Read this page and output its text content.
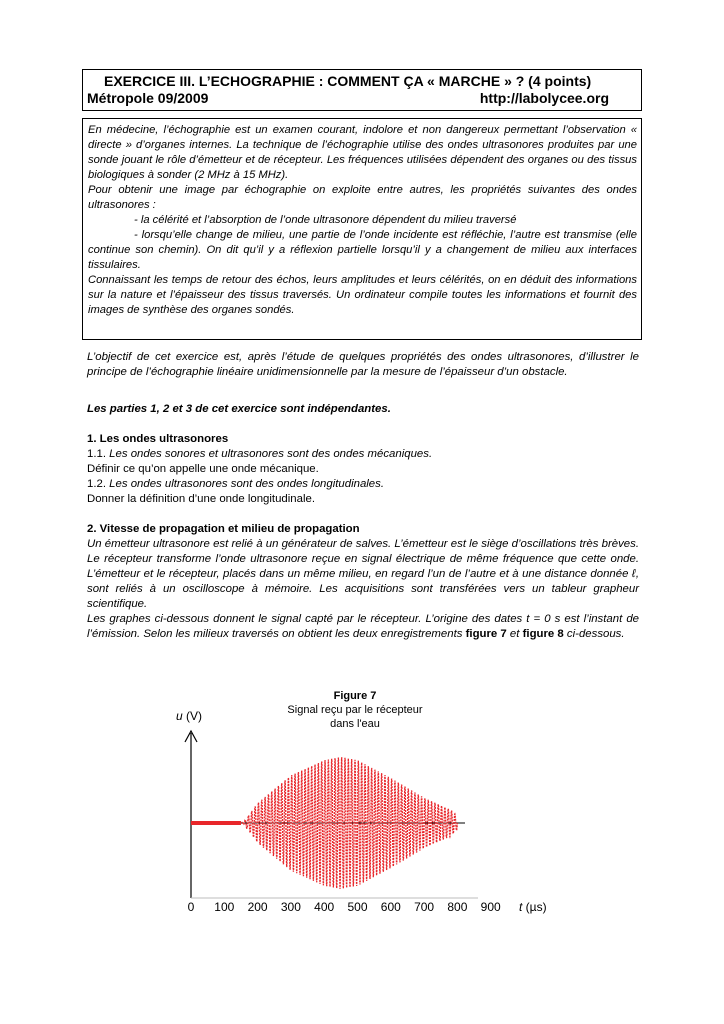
EXERCICE III. L’ECHOGRAPHIE : COMMENT ÇA « MARCHE » ? (4 points)
Métropole 09/2009	http://labolycee.org

En médecine, l’échographie est un examen courant, indolore et non dangereux permettant l’observation « directe » d’organes internes. La technique de l’échographie utilise des ondes ultrasonores produites par une sonde jouant le rôle d’émetteur et de récepteur. Les fréquences utilisées dépendent des organes ou des tissus biologiques à sonder (2 MHz à 15 MHz).

Pour obtenir une image par échographie on exploite entre autres, les propriétés suivantes des ondes ultrasonores :

- la célérité et l’absorption de l’onde ultrasonore dépendent du milieu traversé

- lorsqu’elle change de milieu, une partie de l’onde incidente est réfléchie, l’autre est transmise (elle continue son chemin). On dit qu’il y a réflexion partielle lorsqu’il y a changement de milieu aux interfaces tissulaires.

Connaissant les temps de retour des échos, leurs amplitudes et leurs célérités, on en déduit des informations sur la nature et l’épaisseur des tissus traversés. Un ordinateur compile toutes les informations et fournit des images de synthèse des organes sondés.

L’objectif de cet exercice est, après l’étude de quelques propriétés des ondes ultrasonores, d’illustrer le principe de l’échographie linéaire unidimensionnelle par la mesure de l’épaisseur d’un obstacle.

Les parties 1, 2 et 3 de cet exercice sont indépendantes.

1. Les ondes ultrasonores

1.1. Les ondes sonores et ultrasonores sont des ondes mécaniques.

Définir ce qu’on appelle une onde mécanique.

1.2. Les ondes ultrasonores sont des ondes longitudinales.

Donner la définition d’une onde longitudinale.

2. Vitesse de propagation et milieu de propagation

Un émetteur ultrasonore est relié à un générateur de salves. L’émetteur est le siège d’oscillations très brèves. Le récepteur transforme l’onde ultrasonore reçue en signal électrique de même fréquence que cette onde. L’émetteur et le récepteur, placés dans un même milieu, en regard l’un de l’autre et à une distance donnée ℓ, sont reliés à un oscilloscope à mémoire. Les acquisitions sont transférées vers un tableur grapheur scientifique.

Les graphes ci-dessous donnent le signal capté par le récepteur. L’origine des dates t = 0 s est l’instant de l’émission. Selon les milieux traversés on obtient les deux enregistrements figure 7 et figure 8 ci-dessous.

Figure 7
Signal reçu par le récepteur
dans l'eau
u (V)
0 100 200 300 400 500 600 700 800 900 t (µs)
